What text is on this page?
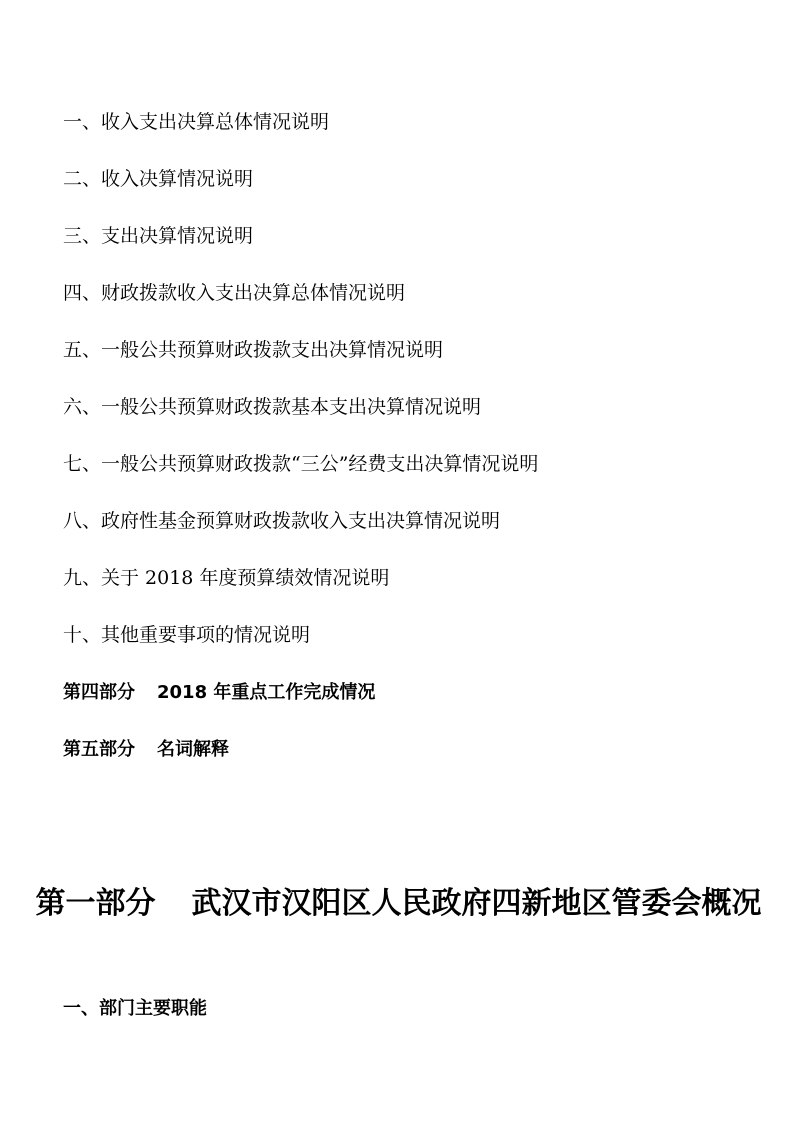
一、收入支出决算总体情况说明
二、收入决算情况说明
三、支出决算情况说明
四、财政拨款收入支出决算总体情况说明
五、一般公共预算财政拨款支出决算情况说明
六、一般公共预算财政拨款基本支出决算情况说明
七、一般公共预算财政拨款“三公”经费支出决算情况说明
八、政府性基金预算财政拨款收入支出决算情况说明
九、关于 2018 年度预算绩效情况说明
十、其他重要事项的情况说明
第四部分 2018 年重点工作完成情况
第五部分 名词解释
第一部分 武汉市汉阳区人民政府四新地区管委会概况
一、部门主要职能
